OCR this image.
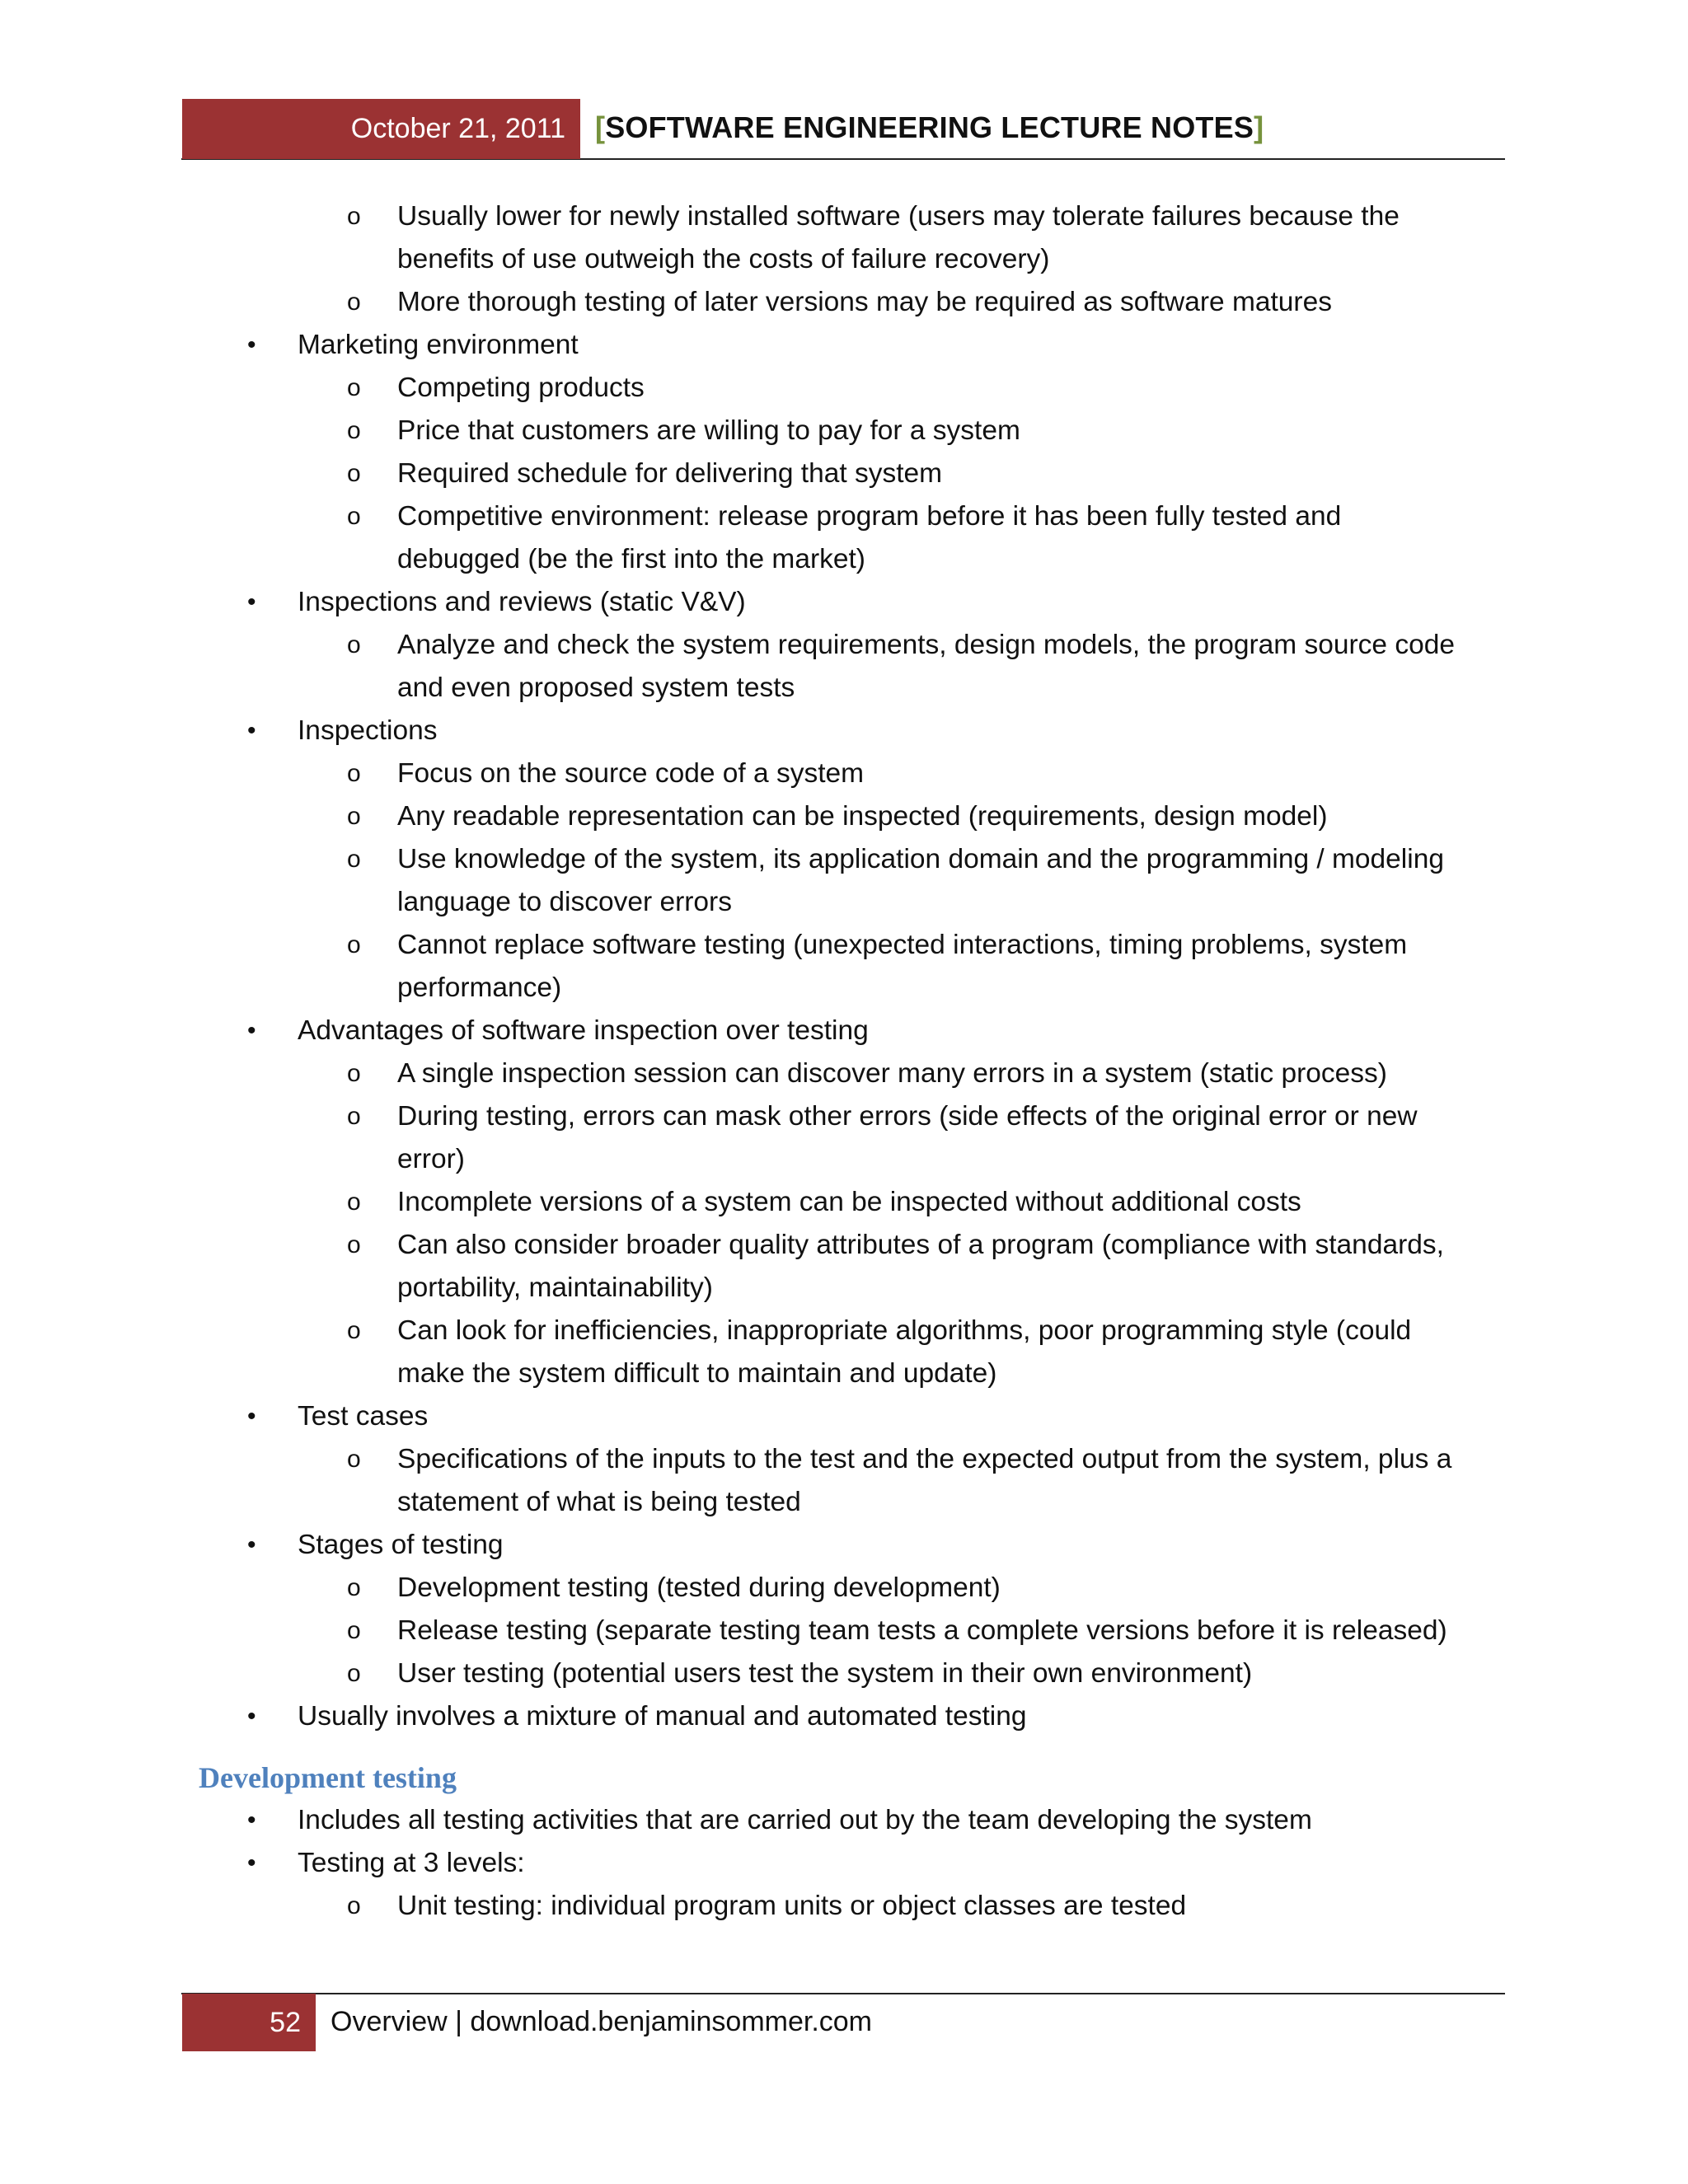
October 21, 2011 [SOFTWARE ENGINEERING LECTURE NOTES]
o Usually lower for newly installed software (users may tolerate failures because the
benefits of use outweigh the costs of failure recovery)
o More thorough testing of later versions may be required as software matures
• Marketing environment
o Competing products
o Price that customers are willing to pay for a system
o Required schedule for delivering that system
o Competitive environment: release program before it has been fully tested and
debugged (be the first into the market)
• Inspections and reviews (static V&V)
o Analyze and check the system requirements, design models, the program source code
and even proposed system tests
• Inspections
o Focus on the source code of a system
o Any readable representation can be inspected (requirements, design model)
o Use knowledge of the system, its application domain and the programming / modeling
language to discover errors
o Cannot replace software testing (unexpected interactions, timing problems, system
performance)
• Advantages of software inspection over testing
o A single inspection session can discover many errors in a system (static process)
o During testing, errors can mask other errors (side effects of the original error or new
error)
o Incomplete versions of a system can be inspected without additional costs
o Can also consider broader quality attributes of a program (compliance with standards,
portability, maintainability)
o Can look for inefficiencies, inappropriate algorithms, poor programming style (could
make the system difficult to maintain and update)
• Test cases
o Specifications of the inputs to the test and the expected output from the system, plus a
statement of what is being tested
• Stages of testing
o Development testing (tested during development)
o Release testing (separate testing team tests a complete versions before it is released)
o User testing (potential users test the system in their own environment)
• Usually involves a mixture of manual and automated testing
Development testing
• Includes all testing activities that are carried out by the team developing the system
• Testing at 3 levels:
o Unit testing: individual program units or object classes are tested
52 Overview | download.benjaminsommer.com
